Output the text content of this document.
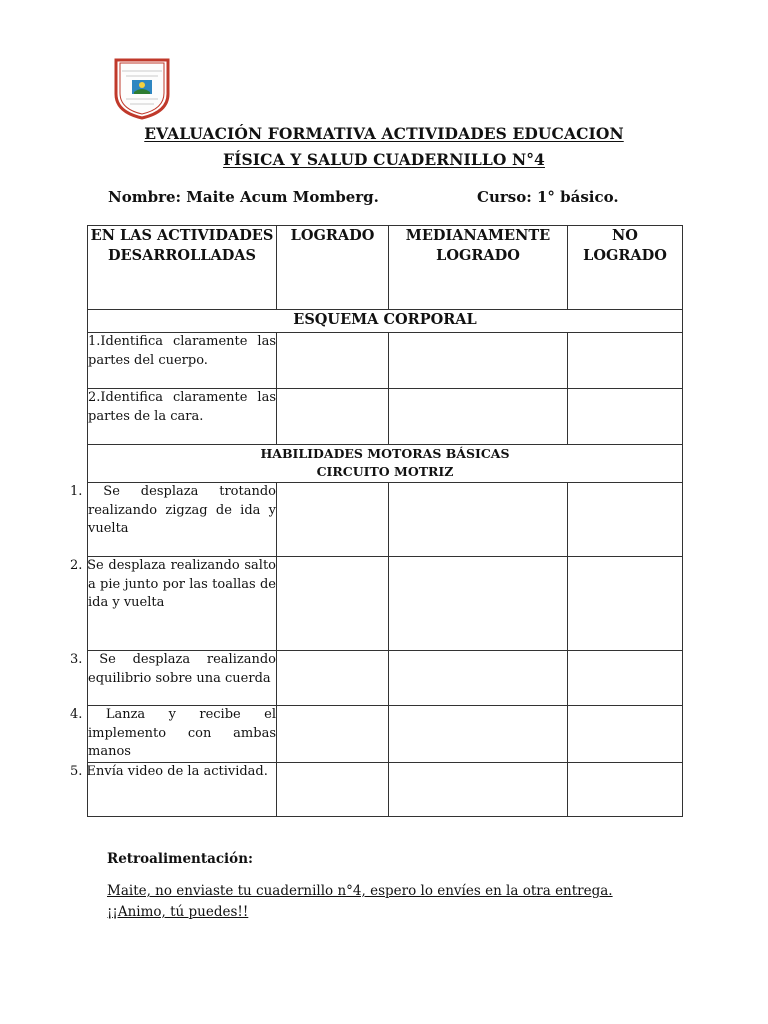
EVALUACIÓN FORMATIVA ACTIVIDADES EDUCACION
FÍSICA Y SALUD CUADERNILLO N°4
Nombre: Maite Acum Momberg.	Curso: 1° básico.
EN LAS ACTIVIDADES DESARROLLADAS	LOGRADO	MEDIANAMENTE LOGRADO	NO LOGRADO
ESQUEMA CORPORAL			
1.Identifica claramente las partes del cuerpo.			
2.Identifica claramente las partes de la cara.			

HABILIDADES MOTORAS BÁSICAS
CIRCUITO MOTRIZ			

1. Se desplaza trotando realizando zigzag de ida y vuelta			
2. Se desplaza realizando salto a pie junto por las toallas de ida y vuelta			
3. Se desplaza realizando equilibrio sobre una cuerda			
4. Lanza y recibe el implemento con ambas manos			
5. Envía video de la actividad.			
Retroalimentación:
Maite, no enviaste tu cuadernillo n°4, espero lo envíes en la otra entrega.
¡¡Animo, tú puedes!!
